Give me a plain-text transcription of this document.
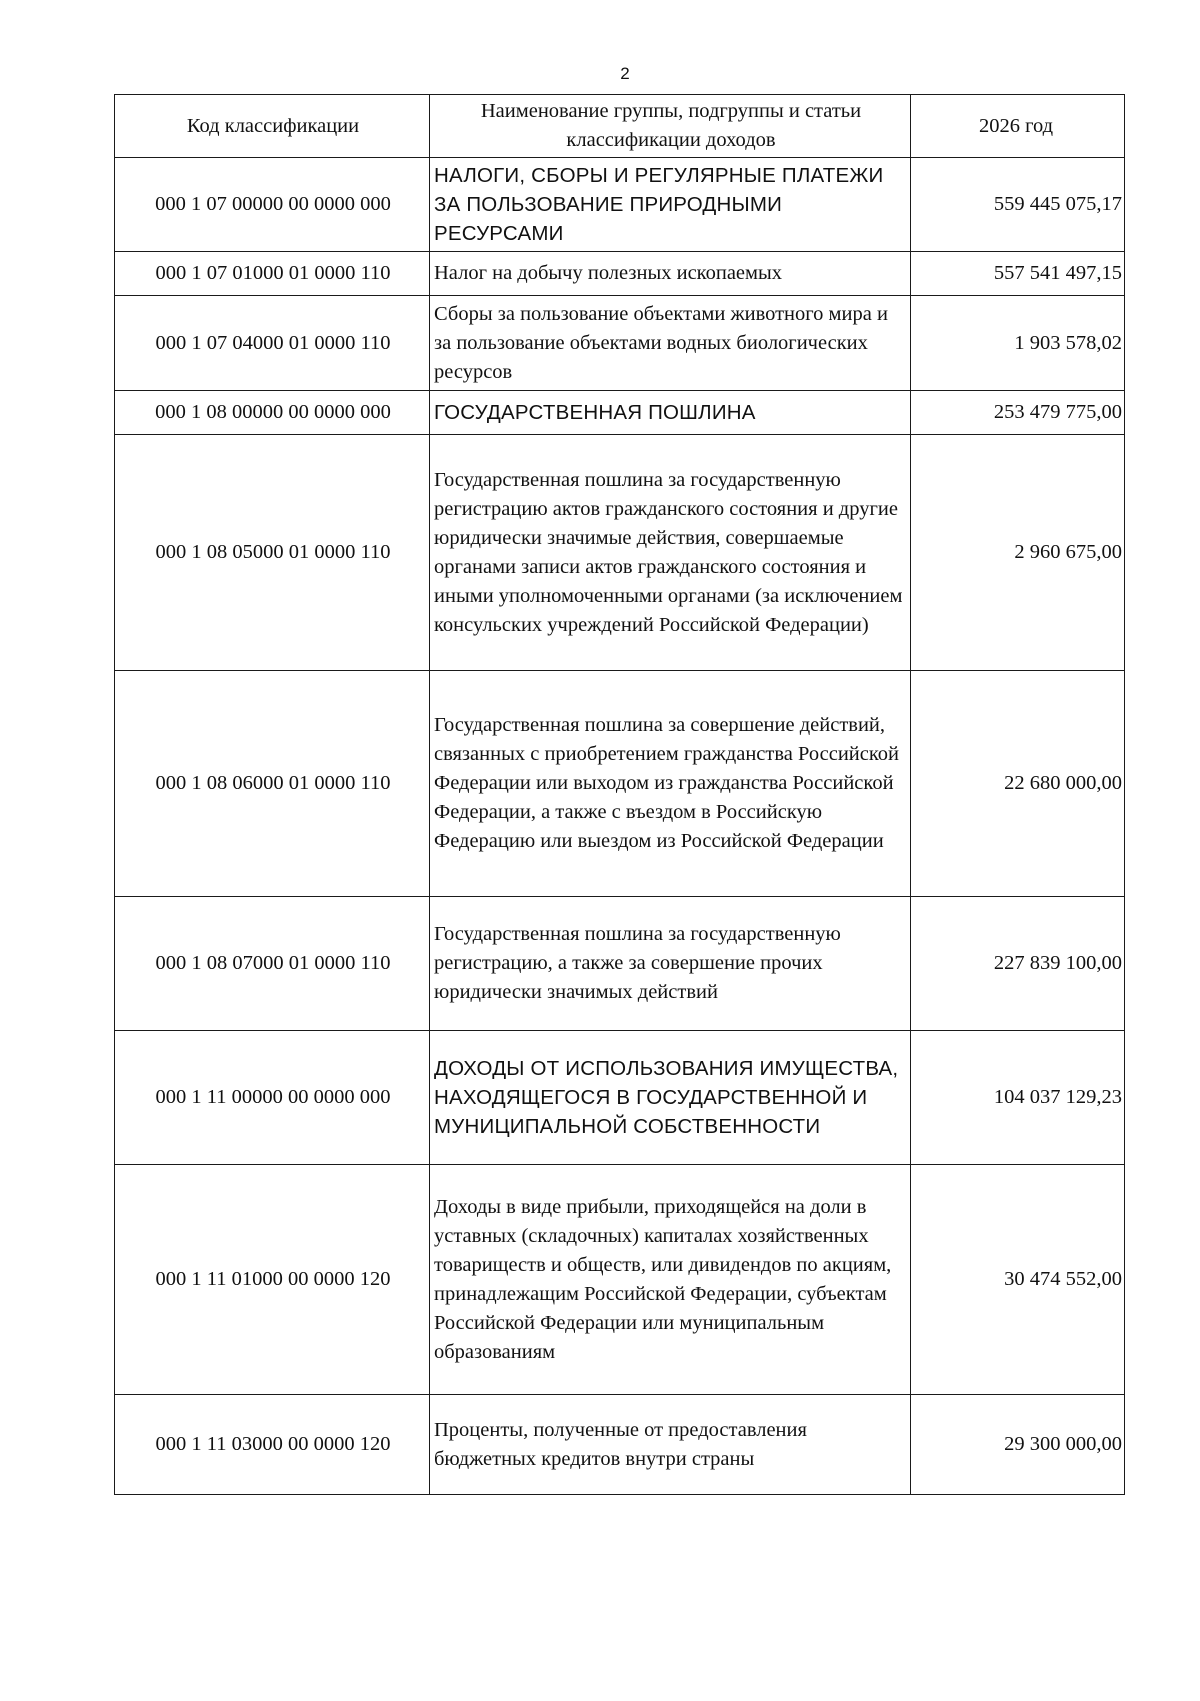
2
Код классификации	Наименование группы, подгруппы и статьи классификации доходов	2026 год
000 1 07 00000 00 0000 000	НАЛОГИ, СБОРЫ И РЕГУЛЯРНЫЕ ПЛАТЕЖИ ЗА ПОЛЬЗОВАНИЕ ПРИРОДНЫМИ РЕСУРСАМИ	559 445 075,17
000 1 07 01000 01 0000 110	Налог на добычу полезных ископаемых	557 541 497,15
000 1 07 04000 01 0000 110	Сборы за пользование объектами животного мира и за пользование объектами водных биологических ресурсов	1 903 578,02
000 1 08 00000 00 0000 000	ГОСУДАРСТВЕННАЯ ПОШЛИНА	253 479 775,00
000 1 08 05000 01 0000 110	Государственная пошлина за государственную регистрацию актов гражданского состояния и другие юридически значимые действия, совершаемые органами записи актов гражданского состояния и иными уполномоченными органами (за исключением консульских учреждений Российской Федерации)	2 960 675,00
000 1 08 06000 01 0000 110	Государственная пошлина за совершение действий, связанных с приобретением гражданства Российской Федерации или выходом из гражданства Российской Федерации, а также с въездом в Российскую Федерацию или выездом из Российской Федерации	22 680 000,00
000 1 08 07000 01 0000 110	Государственная пошлина за государственную регистрацию, а также за совершение прочих юридически значимых действий	227 839 100,00
000 1 11 00000 00 0000 000	ДОХОДЫ ОТ ИСПОЛЬЗОВАНИЯ ИМУЩЕСТВА, НАХОДЯЩЕГОСЯ В ГОСУДАРСТВЕННОЙ И МУНИЦИПАЛЬНОЙ СОБСТВЕННОСТИ	104 037 129,23
000 1 11 01000 00 0000 120	Доходы в виде прибыли, приходящейся на доли в уставных (складочных) капиталах хозяйственных товариществ и обществ, или дивидендов по акциям, принадлежащим Российской Федерации, субъектам Российской Федерации или муниципальным образованиям	30 474 552,00
000 1 11 03000 00 0000 120	Проценты, полученные от предоставления бюджетных кредитов внутри страны	29 300 000,00
